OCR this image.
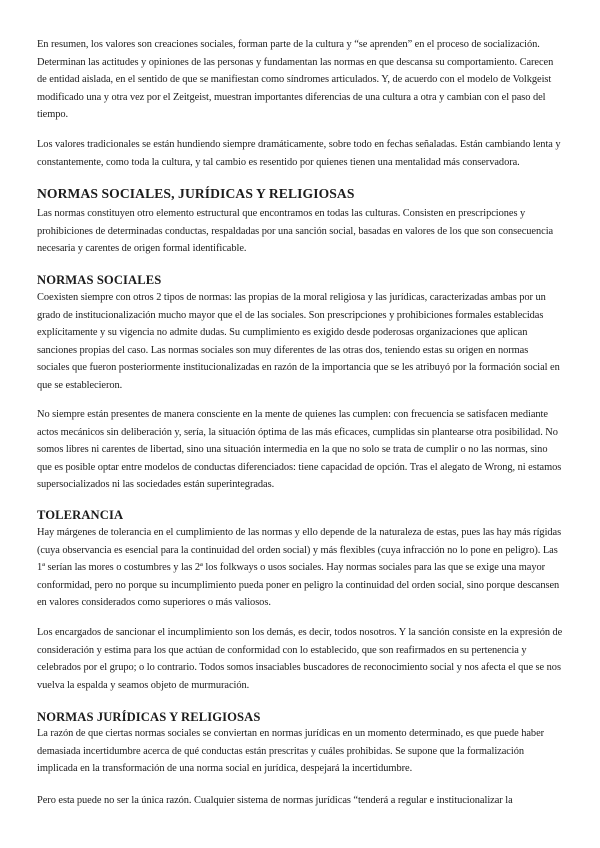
En resumen, los valores son creaciones sociales, forman parte de la cultura y “se aprenden” en el proceso de socialización. Determinan las actitudes y opiniones de las personas y fundamentan las normas en que descansa su comportamiento. Carecen de entidad aislada, en el sentido de que se manifiestan como síndromes articulados. Y, de acuerdo con el modelo de Volkgeist modificado una y otra vez por el Zeitgeist, muestran importantes diferencias de una cultura a otra y cambian con el paso del tiempo.

Los valores tradicionales se están hundiendo siempre dramáticamente, sobre todo en fechas señaladas. Están cambiando lenta y constantemente, como toda la cultura, y tal cambio es resentido por quienes tienen una mentalidad más conservadora.

NORMAS SOCIALES, JURÍDICAS Y RELIGIOSAS

Las normas constituyen otro elemento estructural que encontramos en todas las culturas. Consisten en prescripciones y prohibiciones de determinadas conductas, respaldadas por una sanción social, basadas en valores de los que son consecuencia necesaria y carentes de origen formal identificable.

NORMAS SOCIALES

Coexisten siempre con otros 2 tipos de normas: las propias de la moral religiosa y las jurídicas, caracterizadas ambas por un grado de institucionalización mucho mayor que el de las sociales. Son prescripciones y prohibiciones formales establecidas explícitamente y su vigencia no admite dudas. Su cumplimiento es exigido desde poderosas organizaciones que aplican sanciones propias del caso. Las normas sociales son muy diferentes de las otras dos, teniendo estas su origen en normas sociales que fueron posteriormente institucionalizadas en razón de la importancia que se les atribuyó por la formación social en que se establecieron.

No siempre están presentes de manera consciente en la mente de quienes las cumplen: con frecuencia se satisfacen mediante actos mecánicos sin deliberación y, sería, la situación óptima de las más eficaces, cumplidas sin plantearse otra posibilidad. No somos libres ni carentes de libertad, sino una situación intermedia en la que no solo se trata de cumplir o no las normas, sino que es posible optar entre modelos de conductas diferenciados: tiene capacidad de opción. Tras el alegato de Wrong, ni estamos supersocializados ni las sociedades están superintegradas.

TOLERANCIA

Hay márgenes de tolerancia en el cumplimiento de las normas y ello depende de la naturaleza de estas, pues las hay más rígidas (cuya observancia es esencial para la continuidad del orden social) y más flexibles (cuya infracción no lo pone en peligro). Las 1ª serían las mores o costumbres y las 2ª los folkways o usos sociales. Hay normas sociales para las que se exige una mayor conformidad, pero no porque su incumplimiento pueda poner en peligro la continuidad del orden social, sino porque descansen en valores considerados como superiores o más valiosos.

Los encargados de sancionar el incumplimiento son los demás, es decir, todos nosotros. Y la sanción consiste en la expresión de consideración y estima para los que actúan de conformidad con lo establecido, que son reafirmados en su pertenencia y celebrados por el grupo; o lo contrario. Todos somos insaciables buscadores de reconocimiento social y nos afecta el que se nos vuelva la espalda y seamos objeto de murmuración.

NORMAS JURÍDICAS Y RELIGIOSAS

La razón de que ciertas normas sociales se conviertan en normas jurídicas en un momento determinado, es que puede haber demasiada incertidumbre acerca de qué conductas están prescritas y cuáles prohibidas. Se supone que la formalización implicada en la transformación de una norma social en jurídica, despejará la incertidumbre.

Pero esta puede no ser la única razón. Cualquier sistema de normas jurídicas “tenderá a regular e institucionalizar la
